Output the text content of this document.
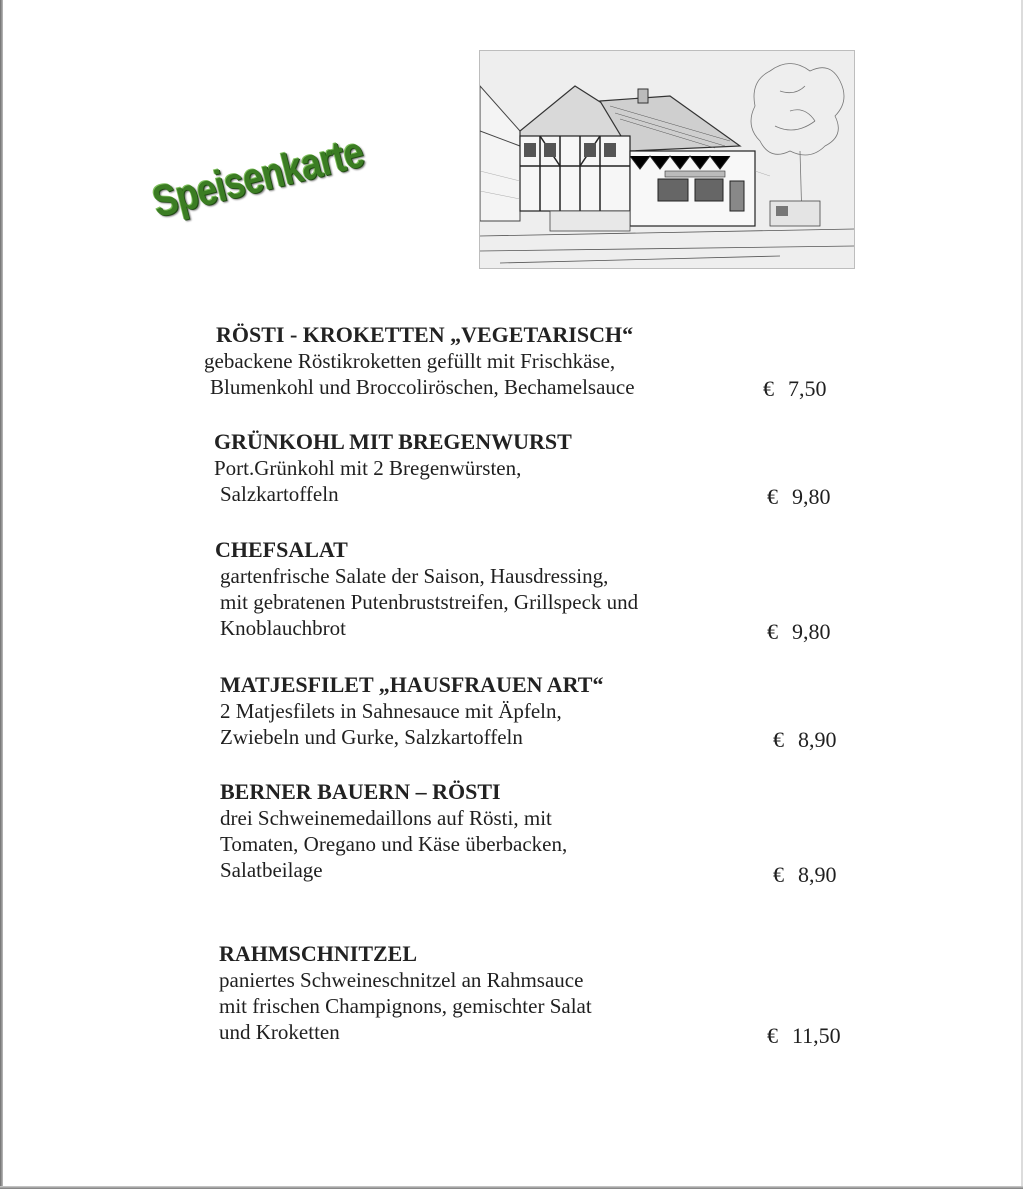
Speisenkarte
RÖSTI - KROKETTEN „VEGETARISCH“
gebackene Röstikroketten gefüllt mit Frischkäse,
Blumenkohl und Broccoliröschen, Bechamelsauce	€ 7,50
GRÜNKOHL MIT BREGENWURST
Port.Grünkohl mit 2 Bregenwürsten,
Salzkartoffeln	€ 9,80
CHEFSALAT
gartenfrische Salate der Saison, Hausdressing,
mit gebratenen Putenbruststreifen, Grillspeck und
Knoblauchbrot	€ 9,80
MATJESFILET „HAUSFRAUEN ART“
2 Matjesfilets in Sahnesauce mit Äpfeln,
Zwiebeln und Gurke, Salzkartoffeln	€ 8,90
BERNER BAUERN – RÖSTI
drei Schweinemedaillons auf Rösti, mit
Tomaten, Oregano und Käse überbacken,
Salatbeilage	€ 8,90
RAHMSCHNITZEL
paniertes Schweineschnitzel an Rahmsauce
mit frischen Champignons, gemischter Salat
und Kroketten	€ 11,50
